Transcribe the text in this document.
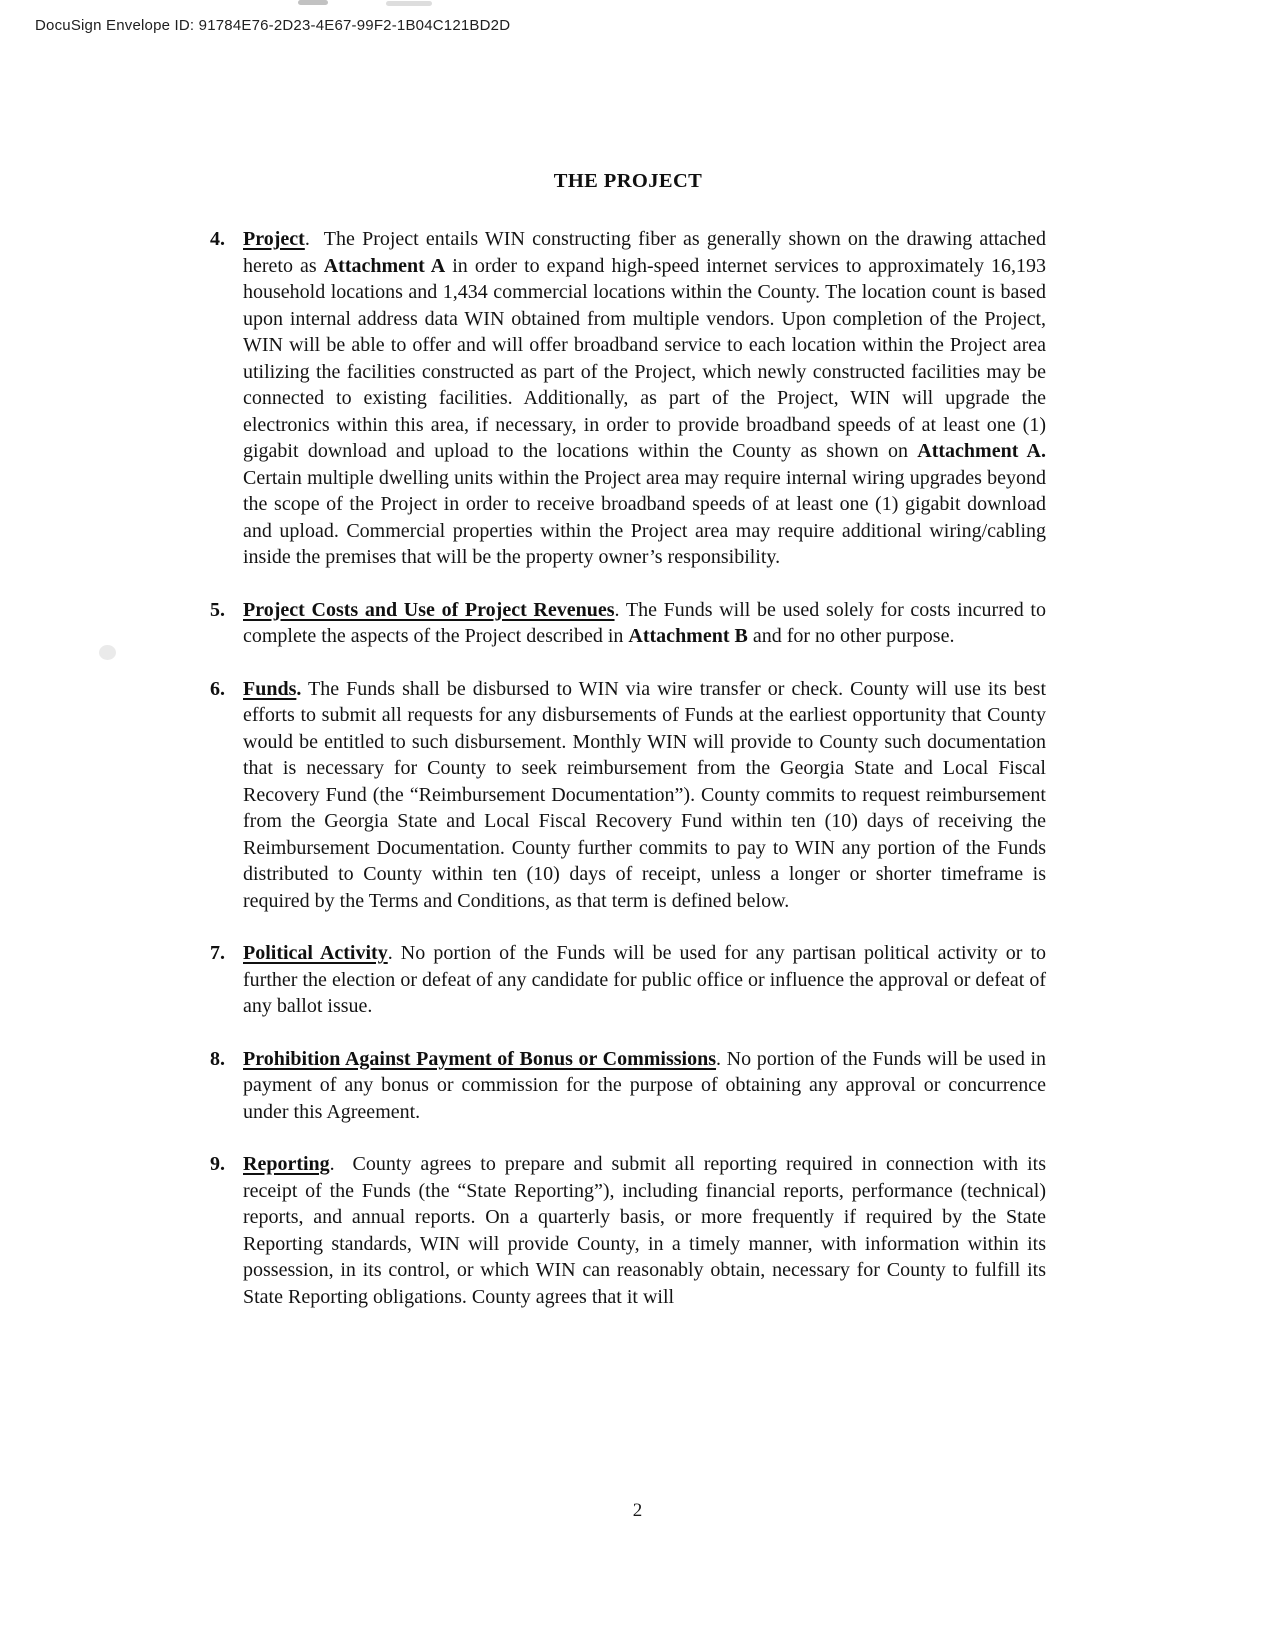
DocuSign Envelope ID: 91784E76-2D23-4E67-99F2-1B04C121BD2D
THE PROJECT
4. Project.  The Project entails WIN constructing fiber as generally shown on the drawing attached hereto as Attachment A in order to expand high-speed internet services to approximately 16,193 household locations and 1,434 commercial locations within the County. The location count is based upon internal address data WIN obtained from multiple vendors. Upon completion of the Project, WIN will be able to offer and will offer broadband service to each location within the Project area utilizing the facilities constructed as part of the Project, which newly constructed facilities may be connected to existing facilities. Additionally, as part of the Project, WIN will upgrade the electronics within this area, if necessary, in order to provide broadband speeds of at least one (1) gigabit download and upload to the locations within the County as shown on Attachment A. Certain multiple dwelling units within the Project area may require internal wiring upgrades beyond the scope of the Project in order to receive broadband speeds of at least one (1) gigabit download and upload. Commercial properties within the Project area may require additional wiring/cabling inside the premises that will be the property owner’s responsibility.
5. Project Costs and Use of Project Revenues. The Funds will be used solely for costs incurred to complete the aspects of the Project described in Attachment B and for no other purpose.
6. Funds. The Funds shall be disbursed to WIN via wire transfer or check. County will use its best efforts to submit all requests for any disbursements of Funds at the earliest opportunity that County would be entitled to such disbursement. Monthly WIN will provide to County such documentation that is necessary for County to seek reimbursement from the Georgia State and Local Fiscal Recovery Fund (the “Reimbursement Documentation”). County commits to request reimbursement from the Georgia State and Local Fiscal Recovery Fund within ten (10) days of receiving the Reimbursement Documentation. County further commits to pay to WIN any portion of the Funds distributed to County within ten (10) days of receipt, unless a longer or shorter timeframe is required by the Terms and Conditions, as that term is defined below.
7. Political Activity. No portion of the Funds will be used for any partisan political activity or to further the election or defeat of any candidate for public office or influence the approval or defeat of any ballot issue.
8. Prohibition Against Payment of Bonus or Commissions. No portion of the Funds will be used in payment of any bonus or commission for the purpose of obtaining any approval or concurrence under this Agreement.
9. Reporting.  County agrees to prepare and submit all reporting required in connection with its receipt of the Funds (the “State Reporting”), including financial reports, performance (technical) reports, and annual reports. On a quarterly basis, or more frequently if required by the State Reporting standards, WIN will provide County, in a timely manner, with information within its possession, in its control, or which WIN can reasonably obtain, necessary for County to fulfill its State Reporting obligations. County agrees that it will
2
